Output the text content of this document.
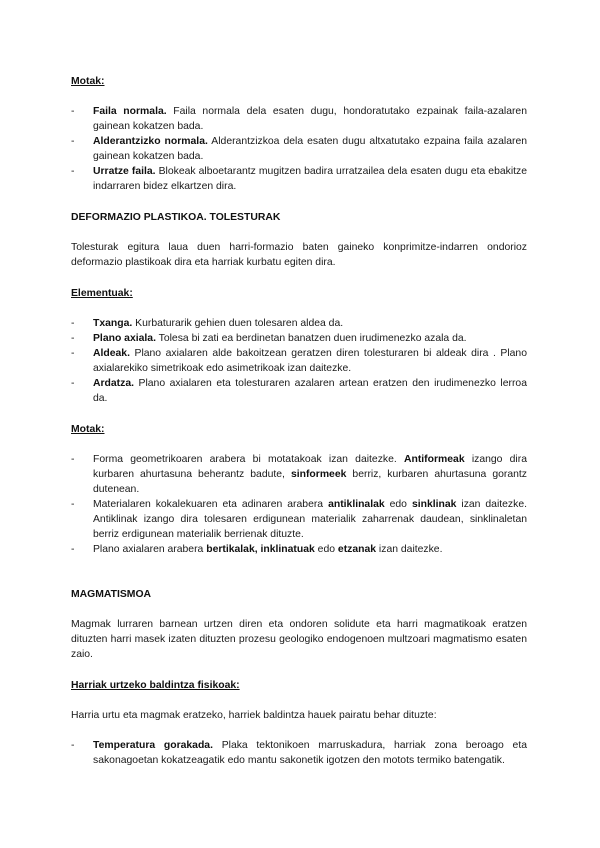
Motak:

- Faila normala. Faila normala dela esaten dugu, hondoratutako ezpainak faila-azalaren gainean kokatzen bada.
- Alderantzizko normala. Alderantzizkoa dela esaten dugu altxatutako ezpaina faila azalaren gainean kokatzen bada.
- Urratze faila. Blokeak alboetarantz mugitzen badira urratzailea dela esaten dugu eta ebakitze indarraren bidez elkartzen dira.

DEFORMAZIO PLASTIKOA. TOLESTURAK

Tolesturak egitura laua duen harri-formazio baten gaineko konprimitze-indarren ondorioz deformazio plastikoak dira eta harriak kurbatu egiten dira.

Elementuak:

- Txanga. Kurbaturarik gehien duen tolesaren aldea da.
- Plano axiala. Tolesa bi zati ea berdinetan banatzen duen irudimenezko azala da.
- Aldeak. Plano axialaren alde bakoitzean geratzen diren tolesturaren bi aldeak dira . Plano axialarekiko simetrikoak edo asimetrikoak izan daitezke.
- Ardatza. Plano axialaren eta tolesturaren azalaren artean eratzen den irudimenezko lerroa da.

Motak:

- Forma geometrikoaren arabera bi motatakoak izan daitezke. Antiformeak izango dira kurbaren ahurtasuna beherantz badute, sinformeek berriz, kurbaren ahurtasuna gorantz dutenean.
- Materialaren kokalekuaren eta adinaren arabera antiklinalak edo sinklinak izan daitezke. Antiklinak izango dira tolesaren erdigunean materialik zaharrenak daudean, sinklinaletan berriz erdigunean materialik berrienak dituzte.
- Plano axialaren arabera bertikalak, inklinatuak edo etzanak izan daitezke.

MAGMATISMOA

Magmak lurraren barnean urtzen diren eta ondoren solidute eta harri magmatikoak eratzen dituzten harri masek izaten dituzten prozesu geologiko endogenoen multzoari magmatismo esaten zaio.

Harriak urtzeko baldintza fisikoak:

Harria urtu eta magmak eratzeko, harriek baldintza hauek pairatu behar dituzte:

- Temperatura gorakada. Plaka tektonikoen marruskadura, harriak zona beroago eta sakonagoetan kokatzeagatik edo mantu sakonetik igotzen den motots termiko batengatik.
